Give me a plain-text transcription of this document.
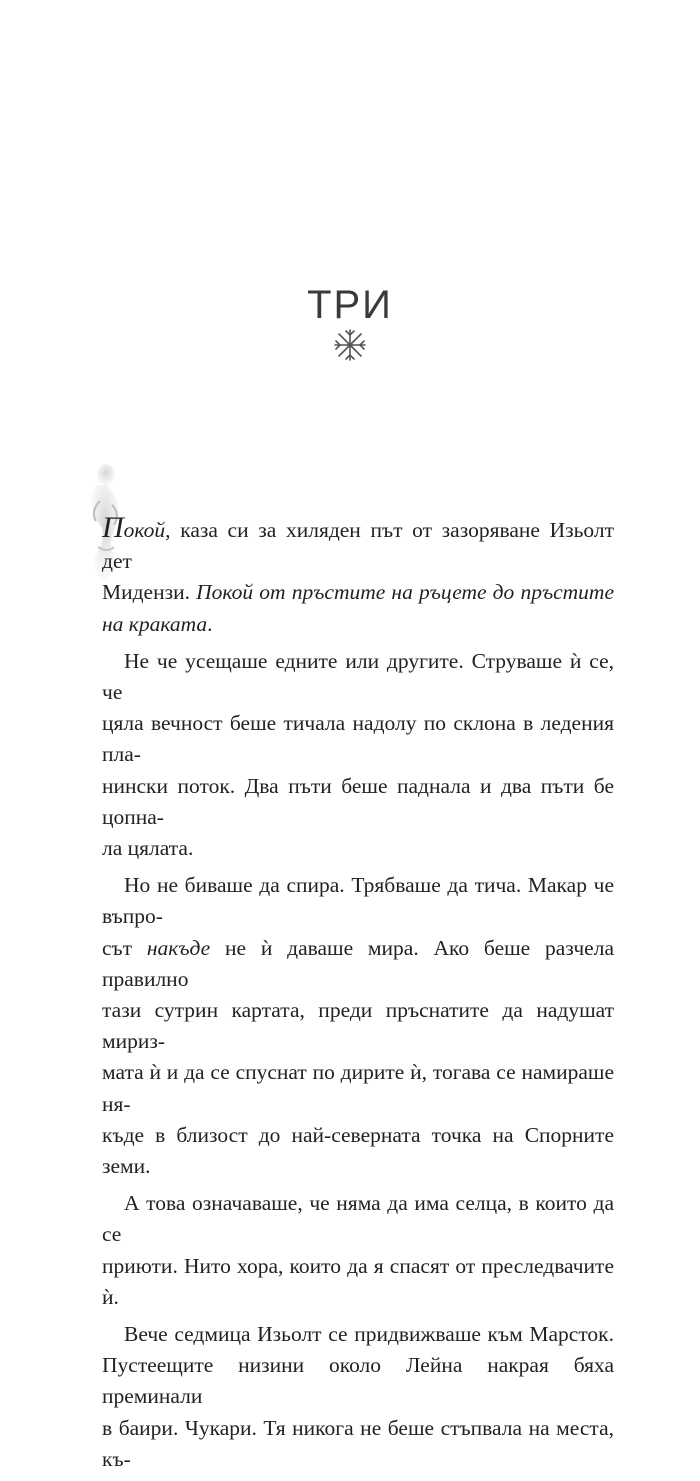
ТРИ

Покой, каза си за хиляден път от зазоряване Изьолт дет
Мидензи. Покой от пръстите на ръцете до пръстите
на краката.

Не че усещаше едните или другите. Струваше ѝ се, че
цяла вечност беше тичала надолу по склона в ледения пла-
нински поток. Два пъти беше паднала и два пъти бе цопна-
ла цялата.

Но не биваше да спира. Трябваше да тича. Макар че въпро-
сът накъде не ѝ даваше мира. Ако беше разчела правилно
тази сутрин картата, преди пръснатите да надушат мириз-
мата ѝ и да се спуснат по дирите ѝ, тогава се намираше ня-
къде в близост до най-северната точка на Спорните земи.

А това означаваше, че няма да има селца, в които да се
приюти. Нито хора, които да я спасят от преследвачите ѝ.

Вече седмица Изьолт се придвижваше към Марсток.
Пустеещите низини около Лейна накрая бяха преминали
в баири. Чукари. Тя никога не беше стъпвала на места, къ-
